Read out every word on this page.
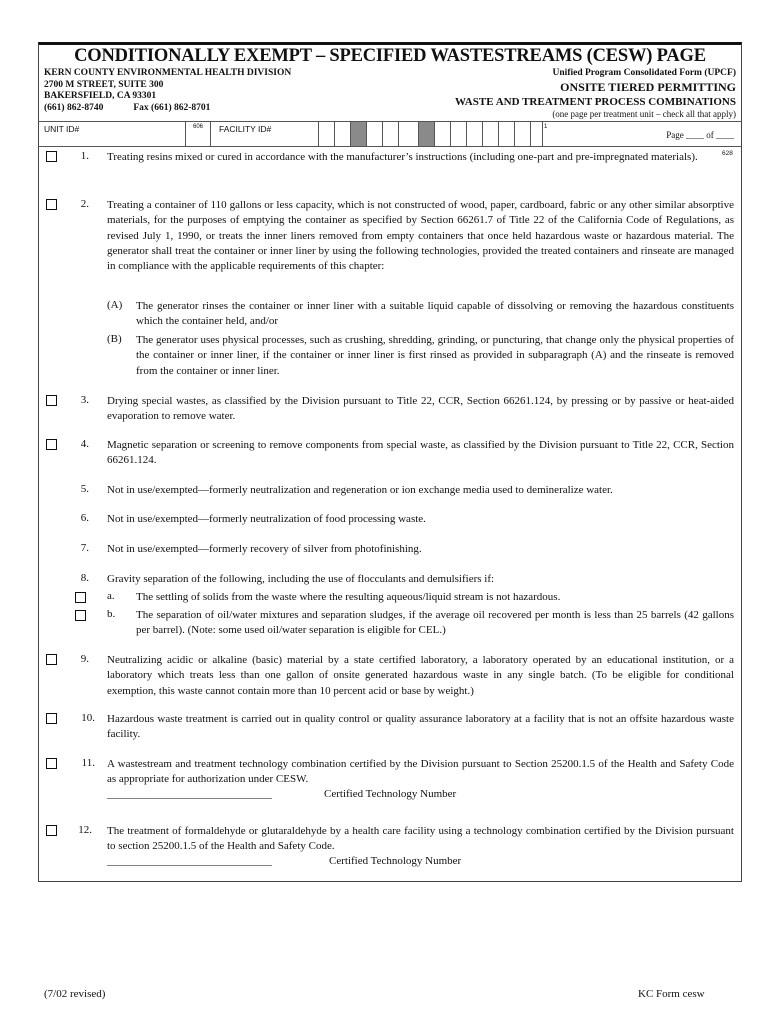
CONDITIONALLY EXEMPT – SPECIFIED WASTESTREAMS (CESW) PAGE
KERN COUNTY ENVIRONMENTAL HEALTH DIVISION
2700 M STREET, SUITE 300
BAKERSFIELD, CA 93301
(661) 862-8740	Fax (661) 862-8701
Unified Program Consolidated Form (UPCF)
ONSITE TIERED PERMITTING
WASTE AND TREATMENT PROCESS COMBINATIONS
(one page per treatment unit – check all that apply)
UNIT ID#	606 FACILITY ID#	1
Page ____ of ____
1. Treating resins mixed or cured in accordance with the manufacturer’s instructions (including one-part and pre-impregnated materials).	628
2. Treating a container of 110 gallons or less capacity, which is not constructed of wood, paper, cardboard, fabric or any other similar absorptive materials, for the purposes of emptying the container as specified by Section 66261.7 of Title 22 of the California Code of Regulations, as revised July 1, 1990, or treats the inner liners removed from empty containers that once held hazardous waste or hazardous material. The generator shall treat the container or inner liner by using the following technologies, provided the treated containers and rinseate are managed in compliance with the applicable requirements of this chapter:
(A) The generator rinses the container or inner liner with a suitable liquid capable of dissolving or removing the hazardous constituents which the container held, and/or
(B) The generator uses physical processes, such as crushing, shredding, grinding, or puncturing, that change only the physical properties of the container or inner liner, if the container or inner liner is first rinsed as provided in subparagraph (A) and the rinseate is removed from the container or inner liner.
3. Drying special wastes, as classified by the Division pursuant to Title 22, CCR, Section 66261.124, by pressing or by passive or heat-aided evaporation to remove water.
4. Magnetic separation or screening to remove components from special waste, as classified by the Division pursuant to Title 22, CCR, Section 66261.124.
5. Not in use/exempted—formerly neutralization and regeneration or ion exchange media used to demineralize water.
6. Not in use/exempted—formerly neutralization of food processing waste.
7. Not in use/exempted—formerly recovery of silver from photofinishing.
8. Gravity separation of the following, including the use of flocculants and demulsifiers if:
a. The settling of solids from the waste where the resulting aqueous/liquid stream is not hazardous.
b. The separation of oil/water mixtures and separation sludges, if the average oil recovered per month is less than 25 barrels (42 gallons per barrel). (Note: some used oil/water separation is eligible for CEL.)
9. Neutralizing acidic or alkaline (basic) material by a state certified laboratory, a laboratory operated by an educational institution, or a laboratory which treats less than one gallon of onsite generated hazardous waste in any single batch. (To be eligible for conditional exemption, this waste cannot contain more than 10 percent acid or base by weight.)
10. Hazardous waste treatment is carried out in quality control or quality assurance laboratory at a facility that is not an offsite hazardous waste facility.
11. A wastestream and treatment technology combination certified by the Division pursuant to Section 25200.1.5 of the Health and Safety Code as appropriate for authorization under CESW.
______________________________	Certified Technology Number
12. The treatment of formaldehyde or glutaraldehyde by a health care facility using a technology combination certified by the Division pursuant to section 25200.1.5 of the Health and Safety Code.
______________________________	Certified Technology Number
(7/02 revised)	KC Form cesw
